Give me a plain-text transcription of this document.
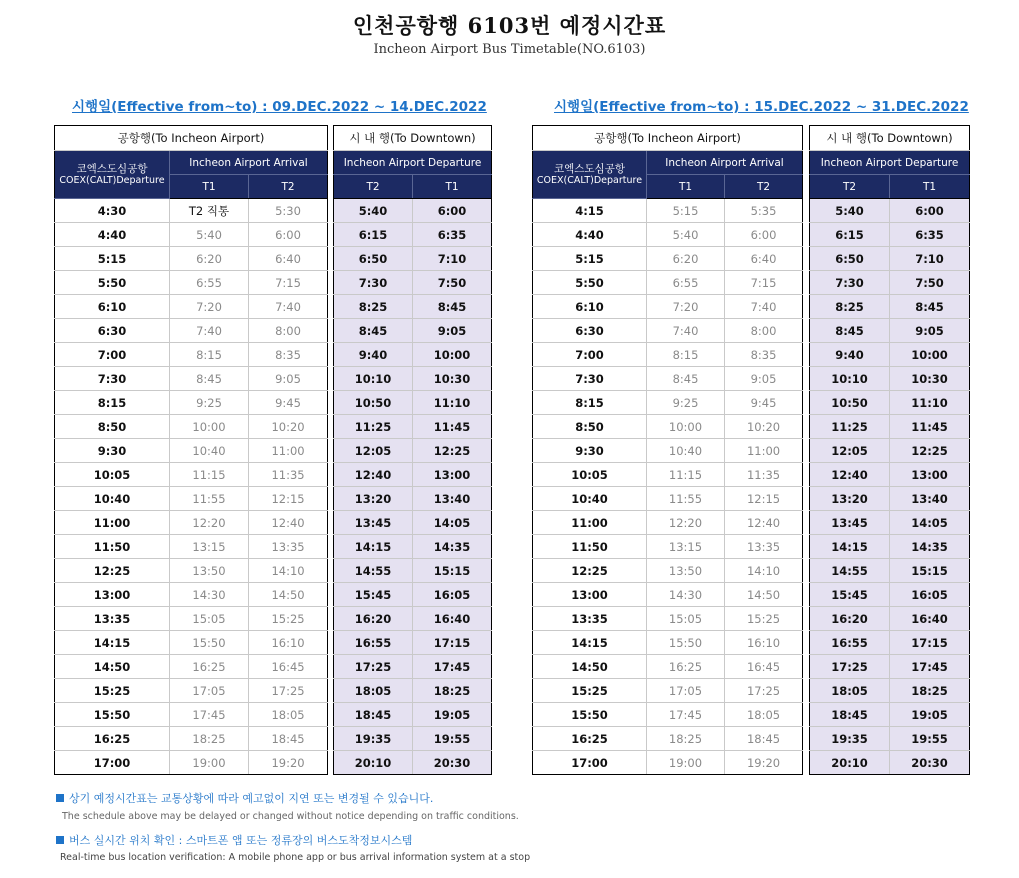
인천공항행 6103번 예정시간표
Incheon Airport Bus Timetable(NO.6103)
시행일(Effective from~to) : 09.DEC.2022 ~ 14.DEC.2022
공항행(To Incheon Airport)		

코엑스도심공항
COEX(CALT)Departure	Incheon Airport Arrival	
	T1	T2
4:30	T2 직통	5:30
4:40	5:40	6:00
5:15	6:20	6:40
5:50	6:55	7:15
6:10	7:20	7:40
6:30	7:40	8:00
7:00	8:15	8:35
7:30	8:45	9:05
8:15	9:25	9:45
8:50	10:00	10:20
9:30	10:40	11:00
10:05	11:15	11:35
10:40	11:55	12:15
11:00	12:20	12:40
11:50	13:15	13:35
12:25	13:50	14:10
13:00	14:30	14:50
13:35	15:05	15:25
14:15	15:50	16:10
14:50	16:25	16:45
15:25	17:05	17:25
15:50	17:45	18:05
16:25	18:25	18:45
17:00	19:00	19:20
시 내 행(To Downtown)	
Incheon Airport Departure	
T2	T1
5:40	6:00
6:15	6:35
6:50	7:10
7:30	7:50
8:25	8:45
8:45	9:05
9:40	10:00
10:10	10:30
10:50	11:10
11:25	11:45
12:05	12:25
12:40	13:00
13:20	13:40
13:45	14:05
14:15	14:35
14:55	15:15
15:45	16:05
16:20	16:40
16:55	17:15
17:25	17:45
18:05	18:25
18:45	19:05
19:35	19:55
20:10	20:30
시행일(Effective from~to) : 15.DEC.2022 ~ 31.DEC.2022
공항행(To Incheon Airport)		

코엑스도심공항
COEX(CALT)Departure	Incheon Airport Arrival	
	T1	T2
4:15	5:15	5:35
4:40	5:40	6:00
5:15	6:20	6:40
5:50	6:55	7:15
6:10	7:20	7:40
6:30	7:40	8:00
7:00	8:15	8:35
7:30	8:45	9:05
8:15	9:25	9:45
8:50	10:00	10:20
9:30	10:40	11:00
10:05	11:15	11:35
10:40	11:55	12:15
11:00	12:20	12:40
11:50	13:15	13:35
12:25	13:50	14:10
13:00	14:30	14:50
13:35	15:05	15:25
14:15	15:50	16:10
14:50	16:25	16:45
15:25	17:05	17:25
15:50	17:45	18:05
16:25	18:25	18:45
17:00	19:00	19:20
시 내 행(To Downtown)	
Incheon Airport Departure	
T2	T1
5:40	6:00
6:15	6:35
6:50	7:10
7:30	7:50
8:25	8:45
8:45	9:05
9:40	10:00
10:10	10:30
10:50	11:10
11:25	11:45
12:05	12:25
12:40	13:00
13:20	13:40
13:45	14:05
14:15	14:35
14:55	15:15
15:45	16:05
16:20	16:40
16:55	17:15
17:25	17:45
18:05	18:25
18:45	19:05
19:35	19:55
20:10	20:30
상기 예정시간표는 교통상황에 따라 예고없이 지연 또는 변경될 수 있습니다.
The schedule above may be delayed or changed without notice depending on traffic conditions.
버스 실시간 위치 확인 : 스마트폰 앱 또는 정류장의 버스도착정보시스템
Real-time bus location verification: A mobile phone app or bus arrival information system at a stop
